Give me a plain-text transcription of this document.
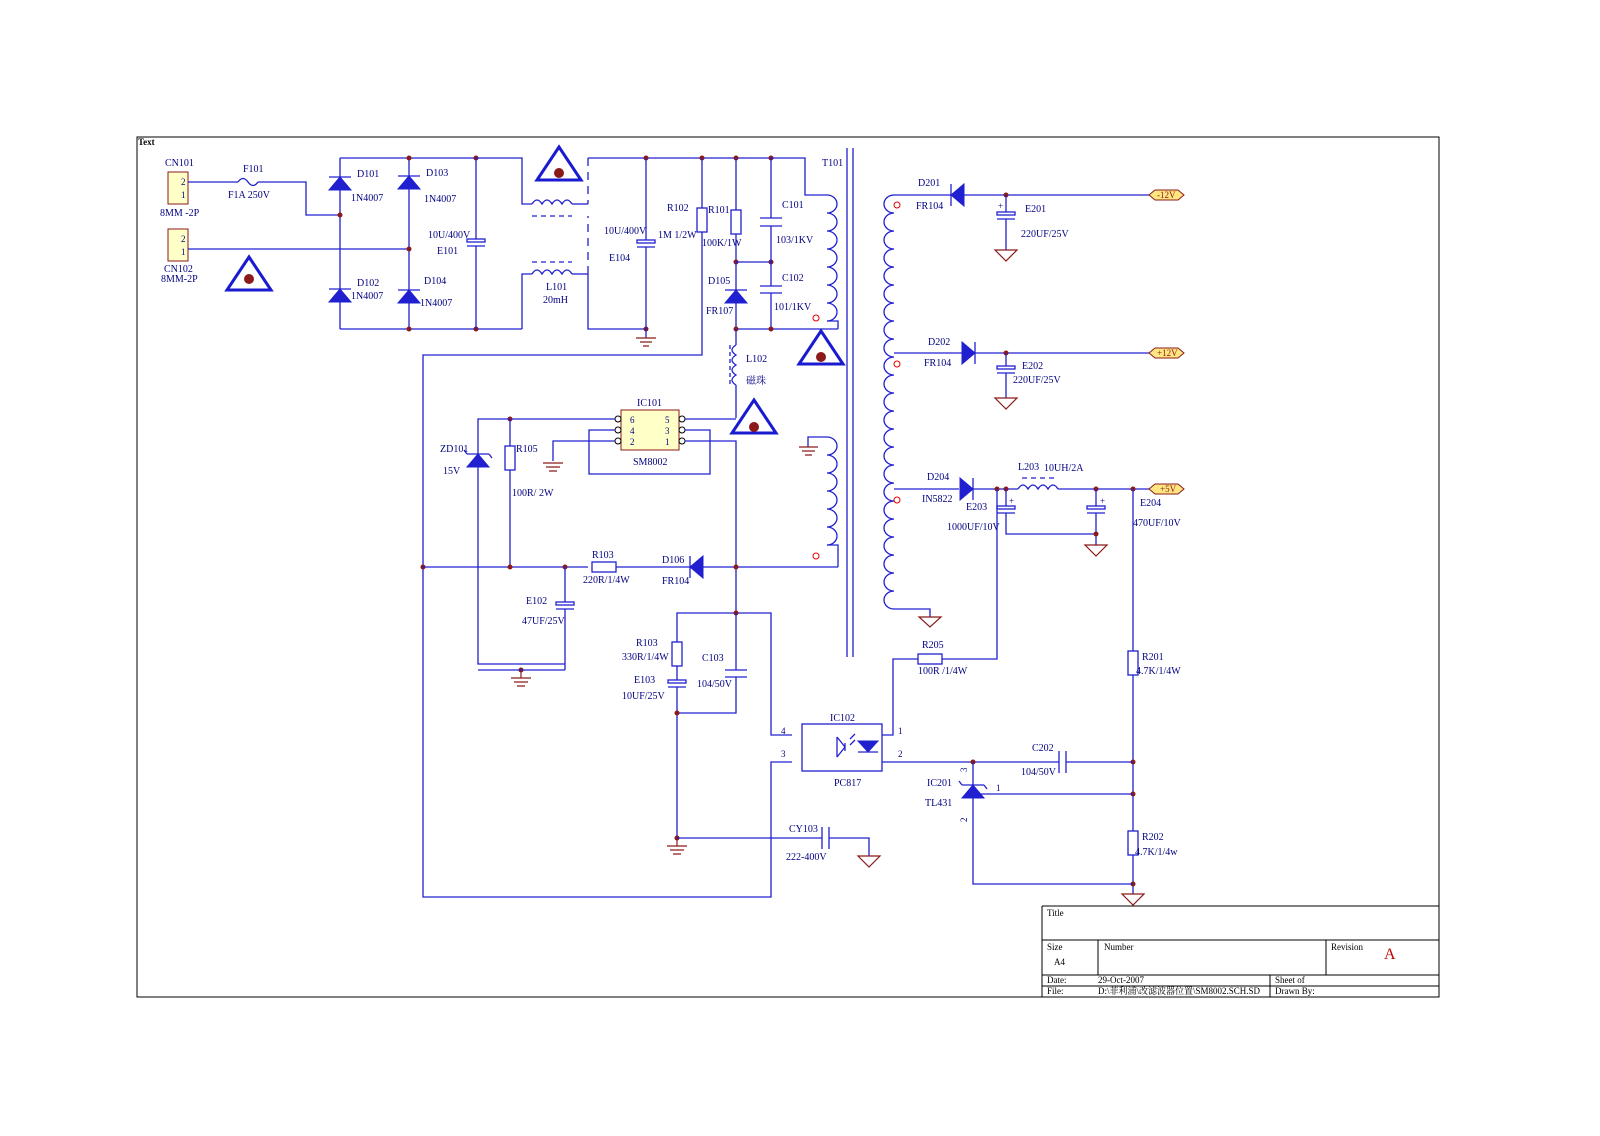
Text
2
1
CN101
8MM -2P
2
1
CN102
8MM-2P
F101
F1A 250V
D101
1N4007
D103
1N4007
D102
1N4007
D104
1N4007
10U/400V
E101
L101
20mH
10U/400V
E104
R102
1M 1/2W
R101
100K/1W
C101
103/1KV
C102
101/1KV
D105
FR107
T101
L102
磁珠
IC101
SM8002
6
4
2
5
3
1
ZD101
15V
R105
100R/ 2W
R103
220R/1/4W
D106
FR104
E102
47UF/25V
R103
330R/1/4W
E103
10UF/25V
C103
104/50V
CY103
222-400V
IC102
PC817
4
3
1
2
R205
100R /1/4W
D201
FR104	+ E201
220UF/25V
-12V
D202
FR104	E202
220UF/25V
+12V
D204
IN5822	+
E203
1000UF/10V
L203 10UH/2A
+	E204
470UF/10V
+5V
R201
4.7K/1/4W
R202
4.7K/1/4w
C202
104/50V
IC201
TL431
3
1
2
Title
Size
A4
Number	Revision A
Date:	29-Oct-2007	Sheet of
File:	D:\菲利浦\改滤波器位置\SM8002.SCH.SD Drawn By:
